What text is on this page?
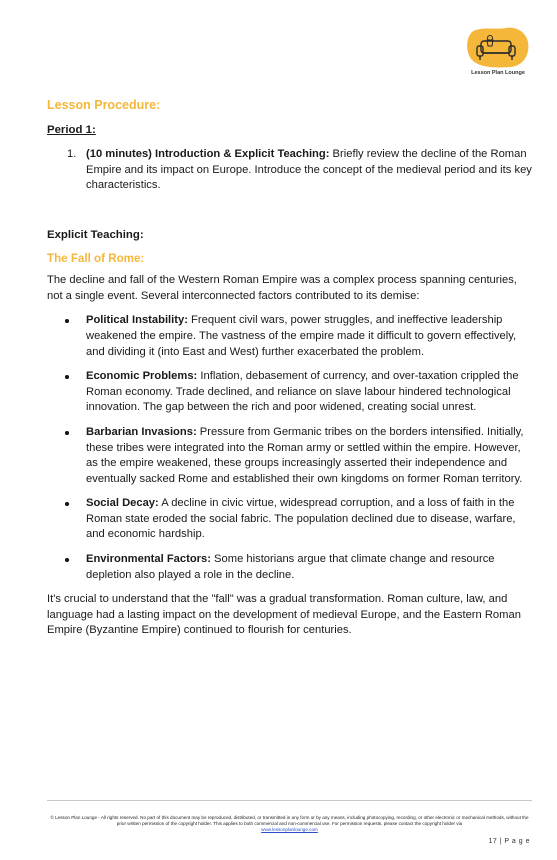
Lesson Plan Lounge
Lesson Procedure:
Period 1:
1. (10 minutes) Introduction & Explicit Teaching: Briefly review the decline of the Roman Empire and its impact on Europe. Introduce the concept of the medieval period and its key characteristics.
Explicit Teaching:
The Fall of Rome:
The decline and fall of the Western Roman Empire was a complex process spanning centuries, not a single event. Several interconnected factors contributed to its demise:
Political Instability: Frequent civil wars, power struggles, and ineffective leadership weakened the empire. The vastness of the empire made it difficult to govern effectively, and dividing it (into East and West) further exacerbated the problem.
Economic Problems: Inflation, debasement of currency, and over-taxation crippled the Roman economy. Trade declined, and reliance on slave labour hindered technological innovation. The gap between the rich and poor widened, creating social unrest.
Barbarian Invasions: Pressure from Germanic tribes on the borders intensified. Initially, these tribes were integrated into the Roman army or settled within the empire. However, as the empire weakened, these groups increasingly asserted their independence and eventually sacked Rome and established their own kingdoms on former Roman territory.
Social Decay: A decline in civic virtue, widespread corruption, and a loss of faith in the Roman state eroded the social fabric. The population declined due to disease, warfare, and economic hardship.
Environmental Factors: Some historians argue that climate change and resource depletion also played a role in the decline.
It's crucial to understand that the "fall" was a gradual transformation. Roman culture, law, and language had a lasting impact on the development of medieval Europe, and the Eastern Roman Empire (Byzantine Empire) continued to flourish for centuries.
© Lesson Plan Lounge - All rights reserved. No part of this document may be reproduced, distributed, or transmitted in any form or by any means, including photocopying, recording, or other electronic or mechanical methods, without the prior written permission of the copyright holder. This applies to both commercial and non-commercial use. For permission requests, please contact the copyright holder via
www.lessonplanlounge.com
17 | P a g e
